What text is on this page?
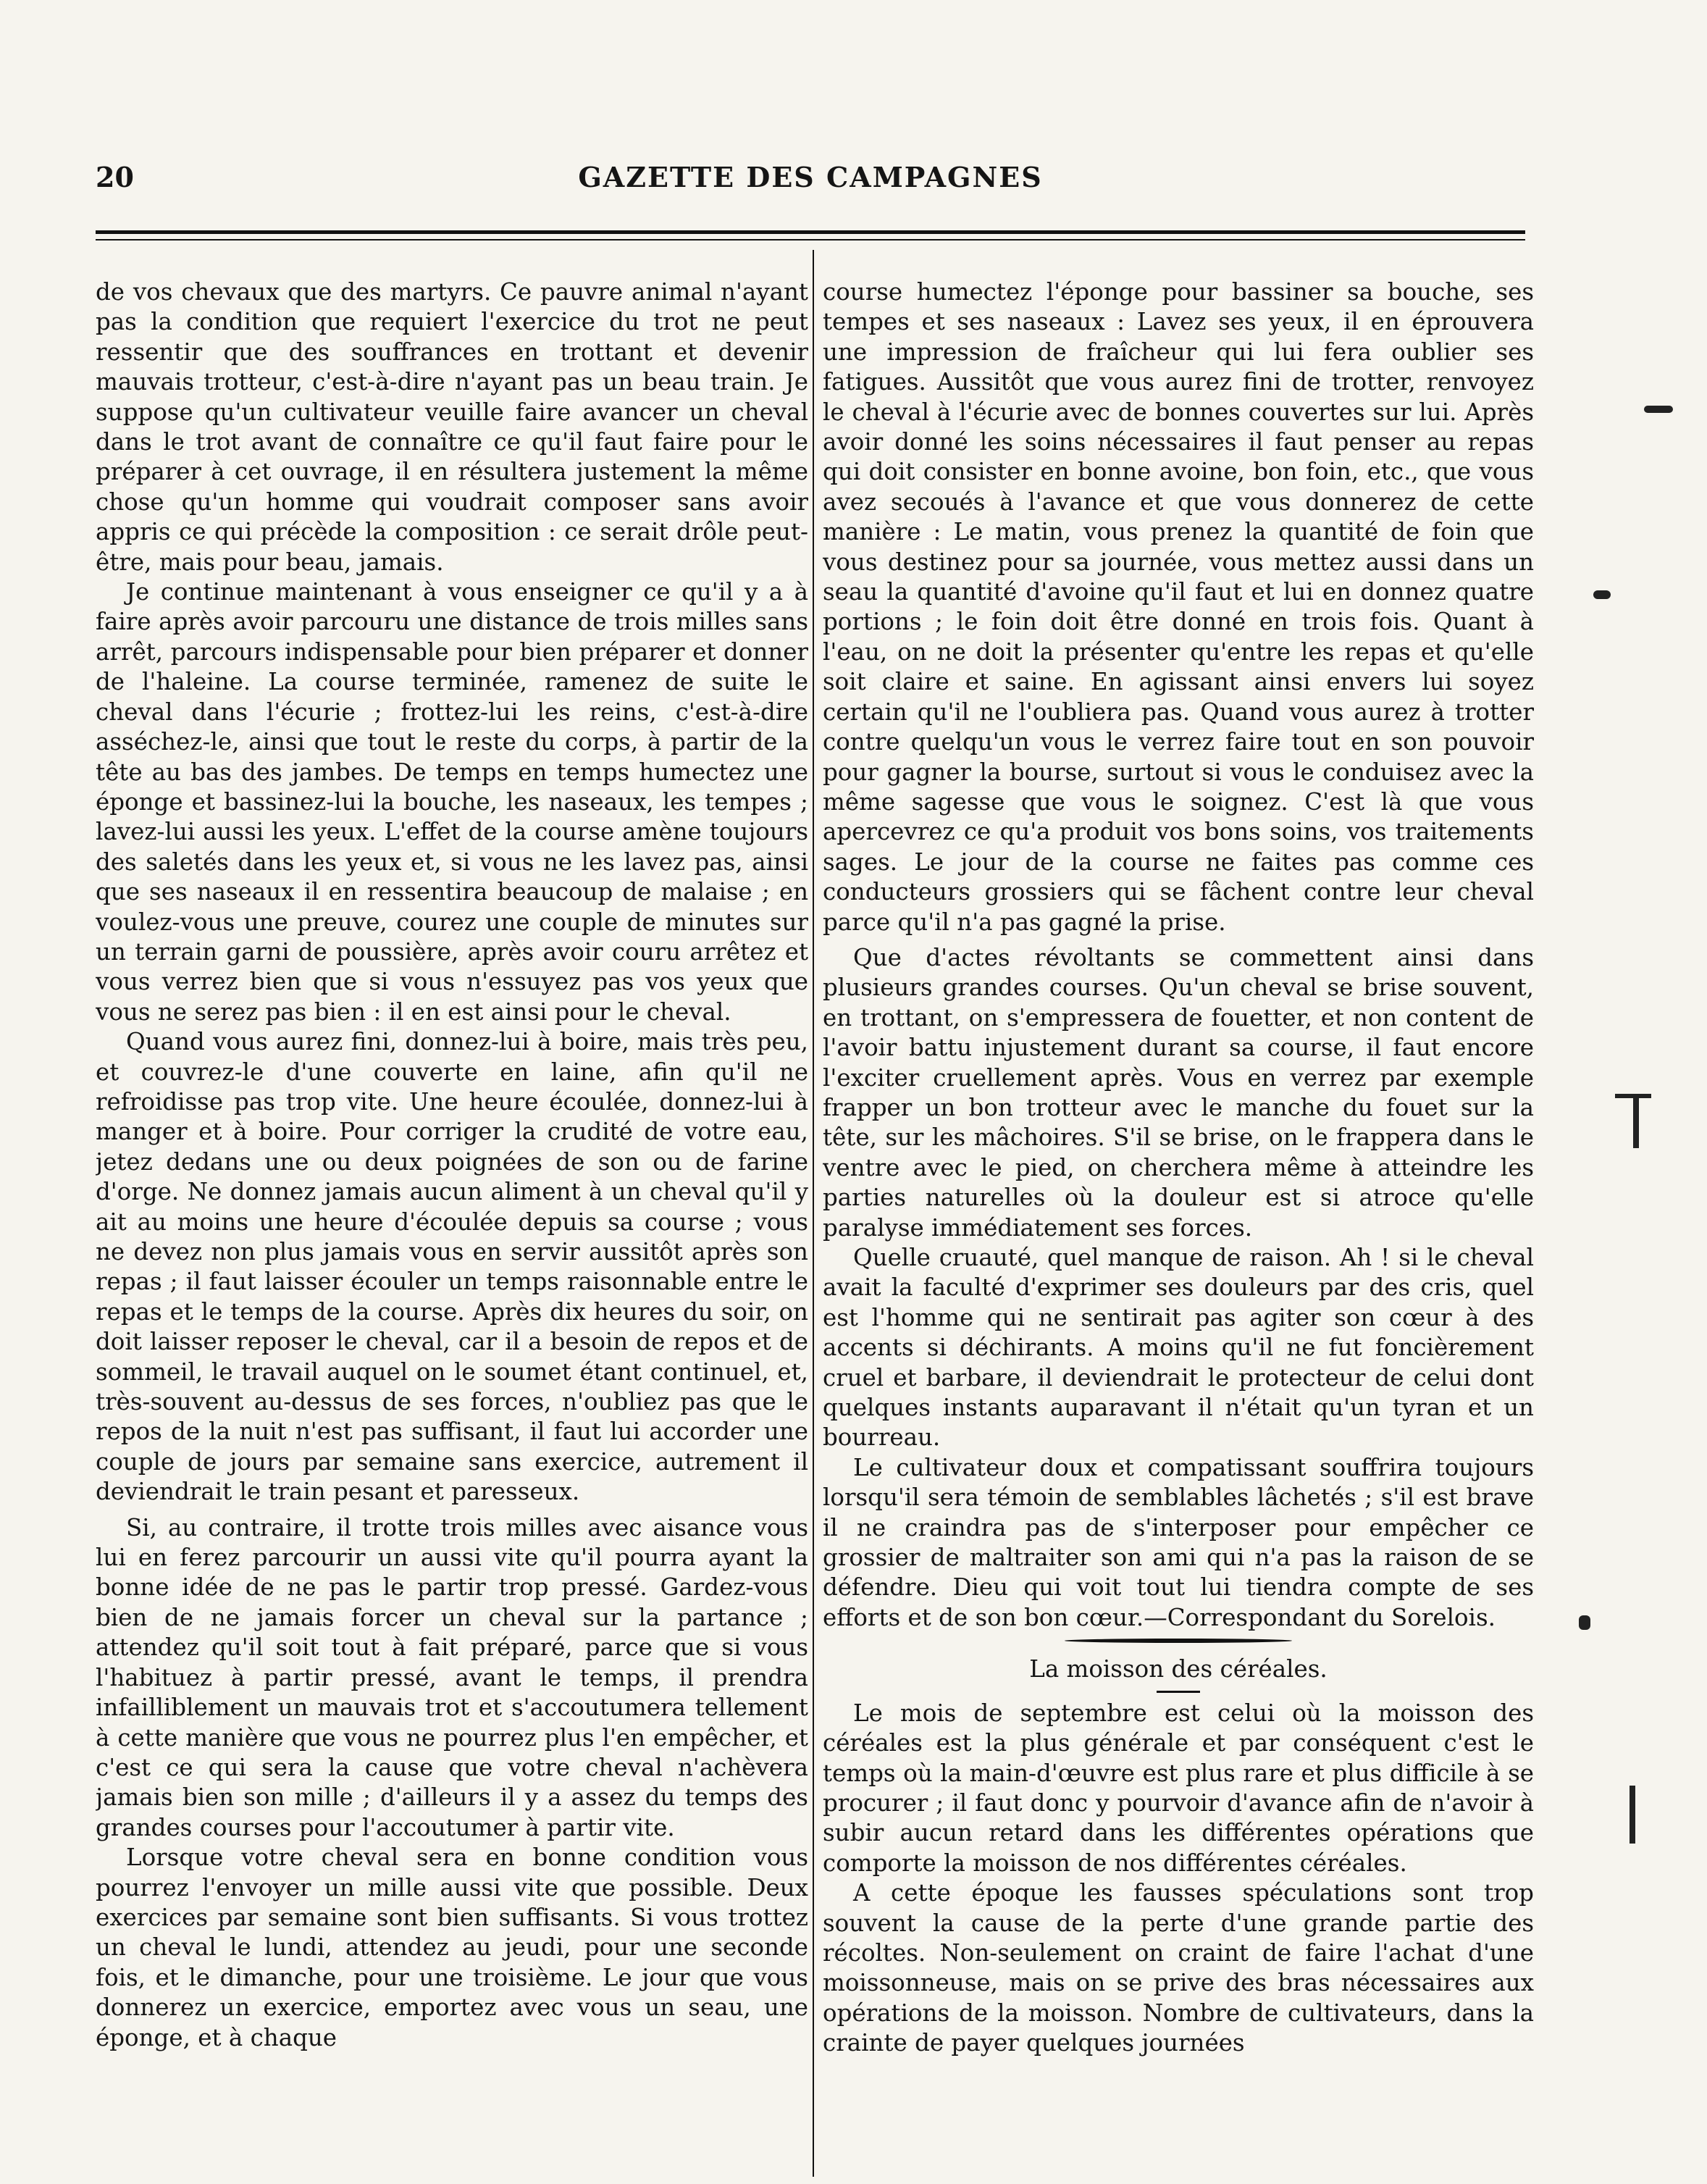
20	GAZETTE DES CAMPAGNES

de vos chevaux que des martyrs. Ce pauvre animal n'ayant pas la condition que requiert l'exercice du trot ne peut ressentir que des souffrances en trottant et devenir mauvais trotteur, c'est-à-dire n'ayant pas un beau train. Je suppose qu'un cultivateur veuille faire avancer un cheval dans le trot avant de connaître ce qu'il faut faire pour le préparer à cet ouvrage, il en résultera justement la même chose qu'un homme qui voudrait composer sans avoir appris ce qui précède la composition : ce serait drôle peut-être, mais pour beau, jamais.

Je continue maintenant à vous enseigner ce qu'il y a à faire après avoir parcouru une distance de trois milles sans arrêt, parcours indispensable pour bien préparer et donner de l'haleine. La course terminée, ramenez de suite le cheval dans l'écurie ; frottez-lui les reins, c'est-à-dire asséchez-le, ainsi que tout le reste du corps, à partir de la tête au bas des jambes. De temps en temps humectez une éponge et bassinez-lui la bouche, les naseaux, les tempes ; lavez-lui aussi les yeux. L'effet de la course amène toujours des saletés dans les yeux et, si vous ne les lavez pas, ainsi que ses naseaux il en ressentira beaucoup de malaise ; en voulez-vous une preuve, courez une couple de minutes sur un terrain garni de poussière, après avoir couru arrêtez et vous verrez bien que si vous n'essuyez pas vos yeux que vous ne serez pas bien : il en est ainsi pour le cheval.

Quand vous aurez fini, donnez-lui à boire, mais très peu, et couvrez-le d'une couverte en laine, afin qu'il ne refroidisse pas trop vite. Une heure écoulée, donnez-lui à manger et à boire. Pour corriger la crudité de votre eau, jetez dedans une ou deux poignées de son ou de farine d'orge. Ne donnez jamais aucun aliment à un cheval qu'il y ait au moins une heure d'écoulée depuis sa course ; vous ne devez non plus jamais vous en servir aussitôt après son repas ; il faut laisser écouler un temps raisonnable entre le repas et le temps de la course. Après dix heures du soir, on doit laisser reposer le cheval, car il a besoin de repos et de sommeil, le travail auquel on le soumet étant continuel, et, très-souvent au-dessus de ses forces, n'oubliez pas que le repos de la nuit n'est pas suffisant, il faut lui accorder une couple de jours par semaine sans exercice, autrement il deviendrait le train pesant et paresseux.

Si, au contraire, il trotte trois milles avec aisance vous lui en ferez parcourir un aussi vite qu'il pourra ayant la bonne idée de ne pas le partir trop pressé. Gardez-vous bien de ne jamais forcer un cheval sur la partance ; attendez qu'il soit tout à fait préparé, parce que si vous l'habituez à partir pressé, avant le temps, il prendra infailliblement un mauvais trot et s'accoutumera tellement à cette manière que vous ne pourrez plus l'en empêcher, et c'est ce qui sera la cause que votre cheval n'achèvera jamais bien son mille ; d'ailleurs il y a assez du temps des grandes courses pour l'accoutumer à partir vite.

Lorsque votre cheval sera en bonne condition vous pourrez l'envoyer un mille aussi vite que possible. Deux exercices par semaine sont bien suffisants. Si vous trottez un cheval le lundi, attendez au jeudi, pour une seconde fois, et le dimanche, pour une troisième. Le jour que vous donnerez un exercice, emportez avec vous un seau, une éponge, et à chaque

course humectez l'éponge pour bassiner sa bouche, ses tempes et ses naseaux : Lavez ses yeux, il en éprouvera une impression de fraîcheur qui lui fera oublier ses fatigues. Aussitôt que vous aurez fini de trotter, renvoyez le cheval à l'écurie avec de bonnes couvertes sur lui. Après avoir donné les soins nécessaires il faut penser au repas qui doit consister en bonne avoine, bon foin, etc., que vous avez secoués à l'avance et que vous donnerez de cette manière : Le matin, vous prenez la quantité de foin que vous destinez pour sa journée, vous mettez aussi dans un seau la quantité d'avoine qu'il faut et lui en donnez quatre portions ; le foin doit être donné en trois fois. Quant à l'eau, on ne doit la présenter qu'entre les repas et qu'elle soit claire et saine. En agissant ainsi envers lui soyez certain qu'il ne l'oubliera pas. Quand vous aurez à trotter contre quelqu'un vous le verrez faire tout en son pouvoir pour gagner la bourse, surtout si vous le conduisez avec la même sagesse que vous le soignez. C'est là que vous apercevrez ce qu'a produit vos bons soins, vos traitements sages. Le jour de la course ne faites pas comme ces conducteurs grossiers qui se fâchent contre leur cheval parce qu'il n'a pas gagné la prise.

Que d'actes révoltants se commettent ainsi dans plusieurs grandes courses. Qu'un cheval se brise souvent, en trottant, on s'empressera de fouetter, et non content de l'avoir battu injustement durant sa course, il faut encore l'exciter cruellement après. Vous en verrez par exemple frapper un bon trotteur avec le manche du fouet sur la tête, sur les mâchoires. S'il se brise, on le frappera dans le ventre avec le pied, on cherchera même à atteindre les parties naturelles où la douleur est si atroce qu'elle paralyse immédiatement ses forces.

Quelle cruauté, quel manque de raison. Ah ! si le cheval avait la faculté d'exprimer ses douleurs par des cris, quel est l'homme qui ne sentirait pas agiter son cœur à des accents si déchirants. A moins qu'il ne fut foncièrement cruel et barbare, il deviendrait le protecteur de celui dont quelques instants auparavant il n'était qu'un tyran et un bourreau.

Le cultivateur doux et compatissant souffrira toujours lorsqu'il sera témoin de semblables lâchetés ; s'il est brave il ne craindra pas de s'interposer pour empêcher ce grossier de maltraiter son ami qui n'a pas la raison de se défendre. Dieu qui voit tout lui tiendra compte de ses efforts et de son bon cœur.—Correspondant du Sorelois.

La moisson des céréales.

Le mois de septembre est celui où la moisson des céréales est la plus générale et par conséquent c'est le temps où la main-d'œuvre est plus rare et plus difficile à se procurer ; il faut donc y pourvoir d'avance afin de n'avoir à subir aucun retard dans les différentes opérations que comporte la moisson de nos différentes céréales.

A cette époque les fausses spéculations sont trop souvent la cause de la perte d'une grande partie des récoltes. Non-seulement on craint de faire l'achat d'une moissonneuse, mais on se prive des bras nécessaires aux opérations de la moisson. Nombre de cultivateurs, dans la crainte de payer quelques journées
